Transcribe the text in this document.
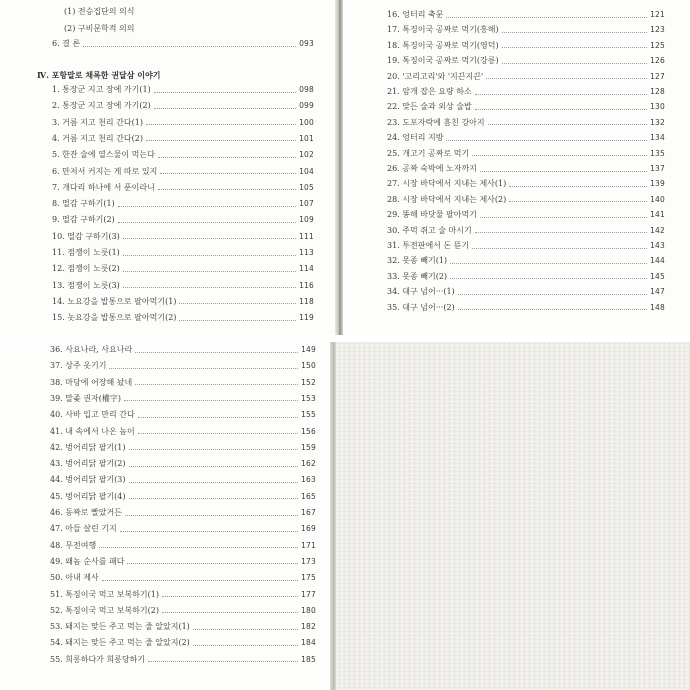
(1) 전승집단의 의식
(2) 구비문학적 의의
6. 결 론	093
Ⅳ. 포항말로 채록한 권달삼 이야기
1. 통장군 지고 장에 가기(1)	098
2. 통장군 지고 장에 가기(2)	099
3. 거름 지고 천리 간다(1)	100
4. 거름 지고 천리 간다(2)	101
5. 한잔 술에 열스물이 먹는다	102
6. 만저서 커지는 게 따로 있지	104
7. 개다리 하나에 서 푼이라니	105
8. 떨감 구하기(1)	107
9. 떨감 구하기(2)	109
10. 떨감 구하기(3)	111
11. 점쟁이 노릇(1)	113
12. 점쟁이 노릇(2)	114
13. 점쟁이 노릇(3)	116
14. 노요강을 밥통으로 팔아먹기(1)	118
15. 놋요강을 밥통으로 팔아먹기(2)	119
16. 엉터리 축문	121
17. 톡징이국 공짜로 먹기(흥해)	123
18. 톡징이국 공짜로 먹기(영덕)	125
19. 톡징이국 공짜로 먹기(강릉)	126
20. '고리고리'와 '지끈지끈'	127
21. 암개 잡은 요량 하소	128
22. 맞든 술과 외상 술밥	130
23. 도포자락에 흠친 강아지	132
24. 엉터리 지방	134
25. 개고기 공짜로 먹기	135
26. 공짜 숙박에 노자까지	137
27. 시장 바닥에서 지내는 제사(1)	139
28. 시장 바닥에서 지내는 제사(2)	140
29. 똥해 바닷물 팔아먹기	141
30. 주먹 쥐고 술 마시기	142
31. 투전판에서 돈 뜯기	143
32. 못종 빼기(1)	144
33. 못종 빼기(2)	145
34. 대구 넘어···(1)	147
35. 대구 넘어···(2)	148
36. 사요나라, 사요나라	149
37. 상주 옷기기	150
38. 마당에 어장해 놨네	152
39. 말좆 권자(權字)	153
40. 사바 입고 만리 간다	155
41. 내 속에서 나온 놈이	156
42. 벙어리닭 팔기(1)	159
43. 벙어리닭 팔기(2)	162
44. 벙어리닭 팔기(3)	163
45. 벙어리닭 팔기(4)	165
46. 동짜로 빨았거든	167
47. 아들 살린 기지	169
48. 무전여행	171
49. 왜놈 순사를 패다	173
50. 아내 제사	175
51. 톡징이국 먹고 보복하기(1)	177
52. 톡징이국 먹고 보복하기(2)	180
53. 돼지는 맞든 주고 먹는 줄 알았지(1)	182
54. 돼지는 맞든 주고 먹는 줄 알았지(2)	184
55. 희롱하다가 희롱당하기	185
